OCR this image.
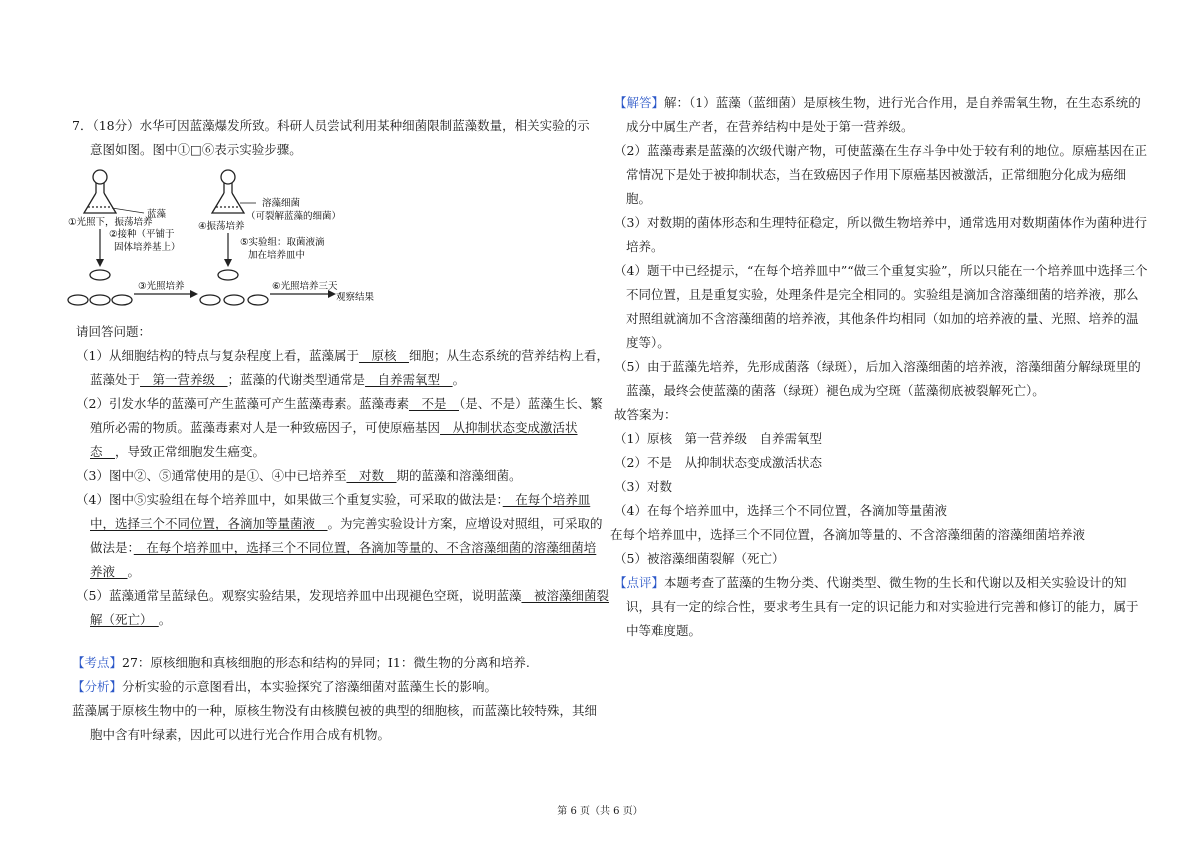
7．（18分）水华可因蓝藻爆发所致。科研人员尝试利用某种细菌限制蓝藻数量，相关实验的示
意图如图。图中①□⑥表示实验步骤。
蓝藻
①光照下，振荡培养
②接种（平铺于
固体培养基上）
③光照培养
溶藻细菌
（可裂解蓝藻的细菌）
④振荡培养
⑤实验组：取菌液滴
加在培养皿中
⑥光照培养三天
观察结果
请回答问题：
（1）从细胞结构的特点与复杂程度上看，蓝藻属于　原核　细胞；从生态系统的营养结构上看，
蓝藻处于　第一营养级　；蓝藻的代谢类型通常是　自养需氧型　。
（2）引发水华的蓝藻可产生蓝藻可产生蓝藻毒素。蓝藻毒素　不是　（是、不是）蓝藻生长、繁
殖所必需的物质。蓝藻毒素对人是一种致癌因子，可使原癌基因　从抑制状态变成激活状
态　，导致正常细胞发生癌变。
（3）图中②、⑤通常使用的是①、④中已培养至　对数　期的蓝藻和溶藻细菌。
（4）图中⑤实验组在每个培养皿中，如果做三个重复实验，可采取的做法是：　在每个培养皿
中，选择三个不同位置，各滴加等量菌液　。为完善实验设计方案，应增设对照组，可采取的
做法是：　在每个培养皿中，选择三个不同位置，各滴加等量的、不含溶藻细菌的溶藻细菌培
养液　。
（5）蓝藻通常呈蓝绿色。观察实验结果，发现培养皿中出现褪色空斑，说明蓝藻　被溶藻细菌裂
解（死亡）　。
【考点】27：原核细胞和真核细胞的形态和结构的异同；I1：微生物的分离和培养.
【分析】分析实验的示意图看出，本实验探究了溶藻细菌对蓝藻生长的影响。
蓝藻属于原核生物中的一种，原核生物没有由核膜包被的典型的细胞核，而蓝藻比较特殊，其细
胞中含有叶绿素，因此可以进行光合作用合成有机物。
【解答】解：（1）蓝藻（蓝细菌）是原核生物，进行光合作用，是自养需氧生物，在生态系统的
成分中属生产者，在营养结构中是处于第一营养级。
（2）蓝藻毒素是蓝藻的次级代谢产物，可使蓝藻在生存斗争中处于较有利的地位。原癌基因在正
常情况下是处于被抑制状态，当在致癌因子作用下原癌基因被激活，正常细胞分化成为癌细
胞。
（3）对数期的菌体形态和生理特征稳定，所以微生物培养中，通常选用对数期菌体作为菌种进行
培养。
（4）题干中已经提示，“在每个培养皿中”“做三个重复实验”，所以只能在一个培养皿中选择三个
不同位置，且是重复实验，处理条件是完全相同的。实验组是滴加含溶藻细菌的培养液，那么
对照组就滴加不含溶藻细菌的培养液，其他条件均相同（如加的培养液的量、光照、培养的温
度等）。
（5）由于蓝藻先培养，先形成菌落（绿斑），后加入溶藻细菌的培养液，溶藻细菌分解绿斑里的
蓝藻，最终会使蓝藻的菌落（绿斑）褪色成为空斑（蓝藻彻底被裂解死亡）。
故答案为：
（1）原核　第一营养级　自养需氧型
（2）不是　从抑制状态变成激活状态
（3）对数
（4）在每个培养皿中，选择三个不同位置，各滴加等量菌液
在每个培养皿中，选择三个不同位置，各滴加等量的、不含溶藻细菌的溶藻细菌培养液
（5）被溶藻细菌裂解（死亡）
【点评】本题考查了蓝藻的生物分类、代谢类型、微生物的生长和代谢以及相关实验设计的知
识，具有一定的综合性，要求考生具有一定的识记能力和对实验进行完善和修订的能力，属于
中等难度题。
第 6 页（共 6 页）
